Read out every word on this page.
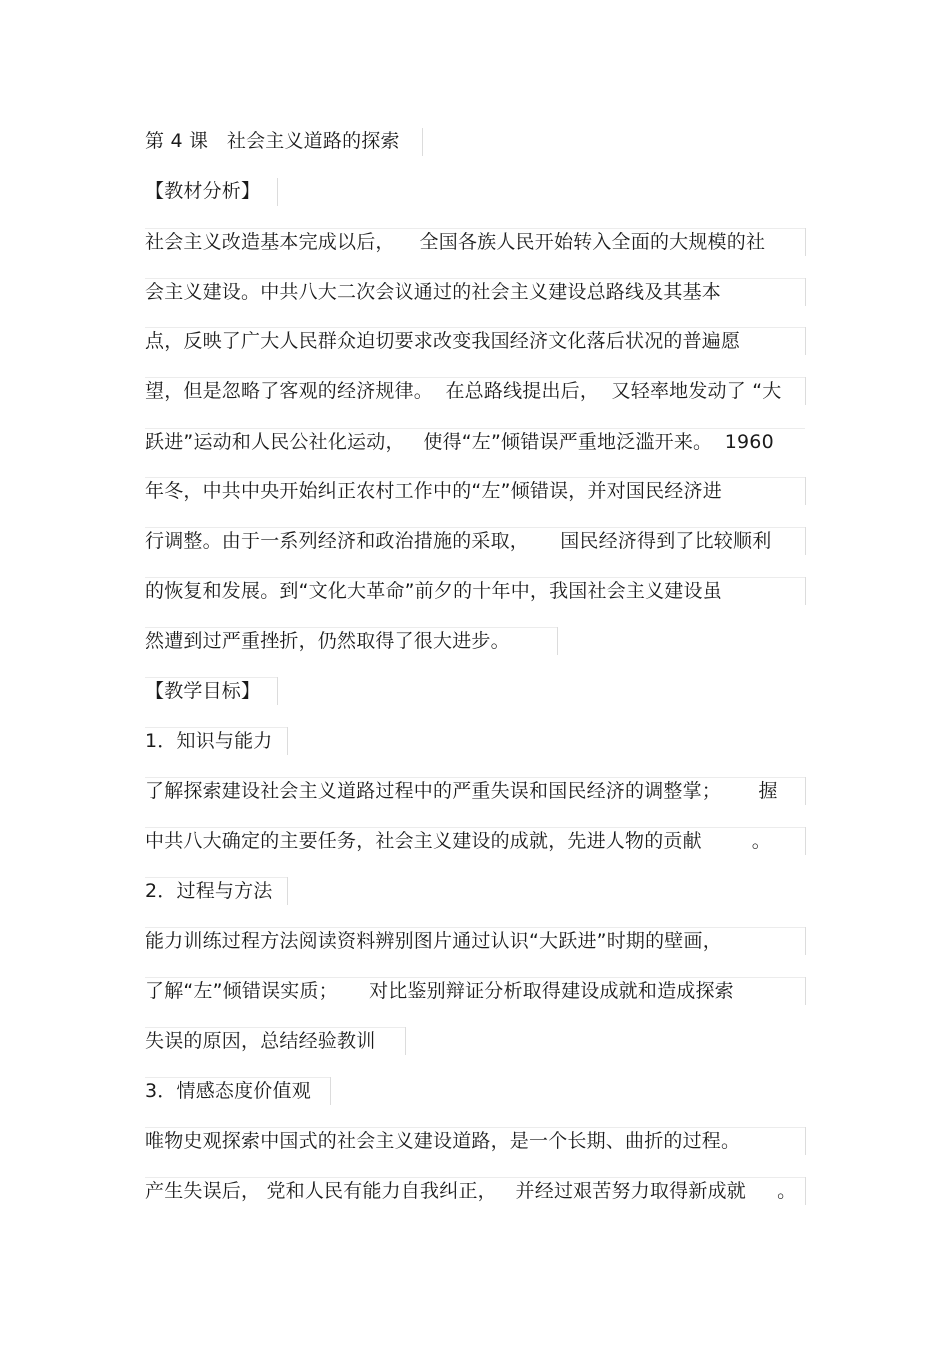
第 4 课   社会主义道路的探索
【教材分析】
社会主义改造基本完成以后，    全国各族人民开始转入全面的大规模的社
会主义建设。中共八大二次会议通过的社会主义建设总路线及其基本
点，反映了广大人民群众迫切要求改变我国经济文化落后状况的普遍愿
望，但是忽略了客观的经济规律。  在总路线提出后，  又轻率地发动了 “大
跃进”运动和人民公社化运动，   使得“左”倾错误严重地泛滥开来。  1960
年冬，中共中央开始纠正农村工作中的“左”倾错误，并对国民经济进
行调整。由于一系列经济和政治措施的采取，     国民经济得到了比较顺利
的恢复和发展。到“文化大革命”前夕的十年中，我国社会主义建设虽
然遭到过严重挫折，仍然取得了很大进步。
【教学目标】
1．知识与能力
了解探索建设社会主义道路过程中的严重失误和国民经济的调整掌；      握
中共八大确定的主要任务，社会主义建设的成就，先进人物的贡献        。
2．过程与方法
能力训练过程方法阅读资料辨别图片通过认识“大跃进”时期的壁画，
了解“左”倾错误实质；     对比鉴别辩证分析取得建设成就和造成探索
失误的原因，总结经验教训
3．情感态度价值观
唯物史观探索中国式的社会主义建设道路，是一个长期、曲折的过程。
产生失误后， 党和人民有能力自我纠正，   并经过艰苦努力取得新成就     。
